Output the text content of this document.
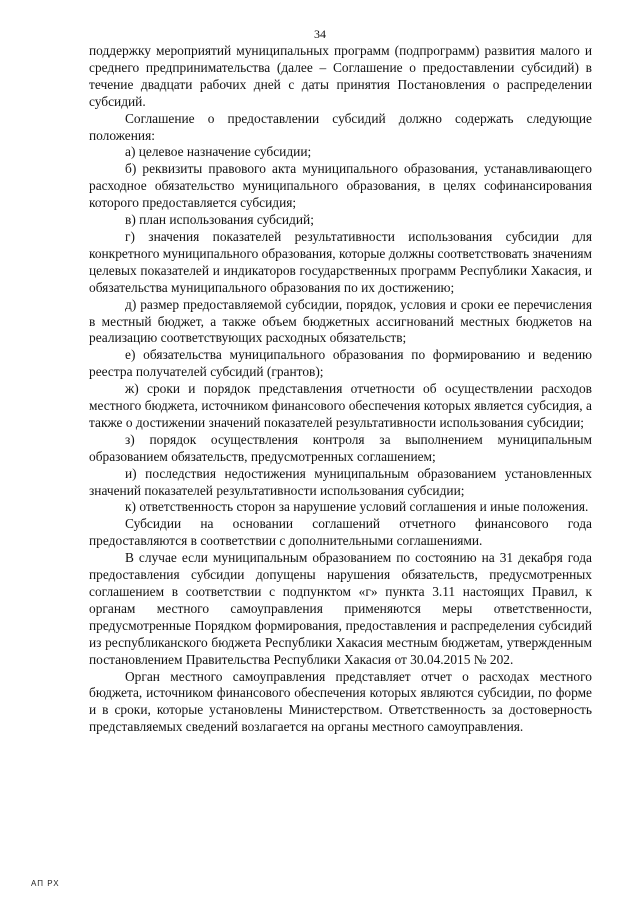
34

поддержку мероприятий муниципальных программ (подпрограмм) развития малого и среднего предпринимательства (далее – Соглашение о предоставлении субсидий) в течение двадцати рабочих дней с даты принятия Постановления о распределении субсидий.

Соглашение о предоставлении субсидий должно содержать следующие положения:

а) целевое назначение субсидии;

б) реквизиты правового акта муниципального образования, устанавливающего расходное обязательство муниципального образования, в целях софинансирования которого предоставляется субсидия;

в) план использования субсидий;

г) значения показателей результативности использования субсидии для конкретного муниципального образования, которые должны соответствовать значениям целевых показателей и индикаторов государственных программ Республики Хакасия, и обязательства муниципального образования по их достижению;

д) размер предоставляемой субсидии, порядок, условия и сроки ее перечисления в местный бюджет, а также объем бюджетных ассигнований местных бюджетов на реализацию соответствующих расходных обязательств;

е) обязательства муниципального образования по формированию и ведению реестра получателей субсидий (грантов);

ж) сроки и порядок представления отчетности об осуществлении расходов местного бюджета, источником финансового обеспечения которых является субсидия, а также о достижении значений показателей результативности использования субсидии;

з) порядок осуществления контроля за выполнением муниципальным образованием обязательств, предусмотренных соглашением;

и) последствия недостижения муниципальным образованием установленных значений показателей результативности использования субсидии;

к) ответственность сторон за нарушение условий соглашения и иные положения.

Субсидии на основании соглашений отчетного финансового года предоставляются в соответствии с дополнительными соглашениями.

В случае если муниципальным образованием по состоянию на 31 декабря года предоставления субсидии допущены нарушения обязательств, предусмотренных соглашением в соответствии с подпунктом «г» пункта 3.11 настоящих Правил, к органам местного самоуправления применяются меры ответственности, предусмотренные Порядком формирования, предоставления и распределения субсидий из республиканского бюджета Республики Хакасия местным бюджетам, утвержденным постановлением Правительства Республики Хакасия от 30.04.2015 № 202.

Орган местного самоуправления представляет отчет о расходах местного бюджета, источником финансового обеспечения которых являются субсидии, по форме и в сроки, которые установлены Министерством. Ответственность за достоверность представляемых сведений возлагается на органы местного самоуправления.

АП РХ
